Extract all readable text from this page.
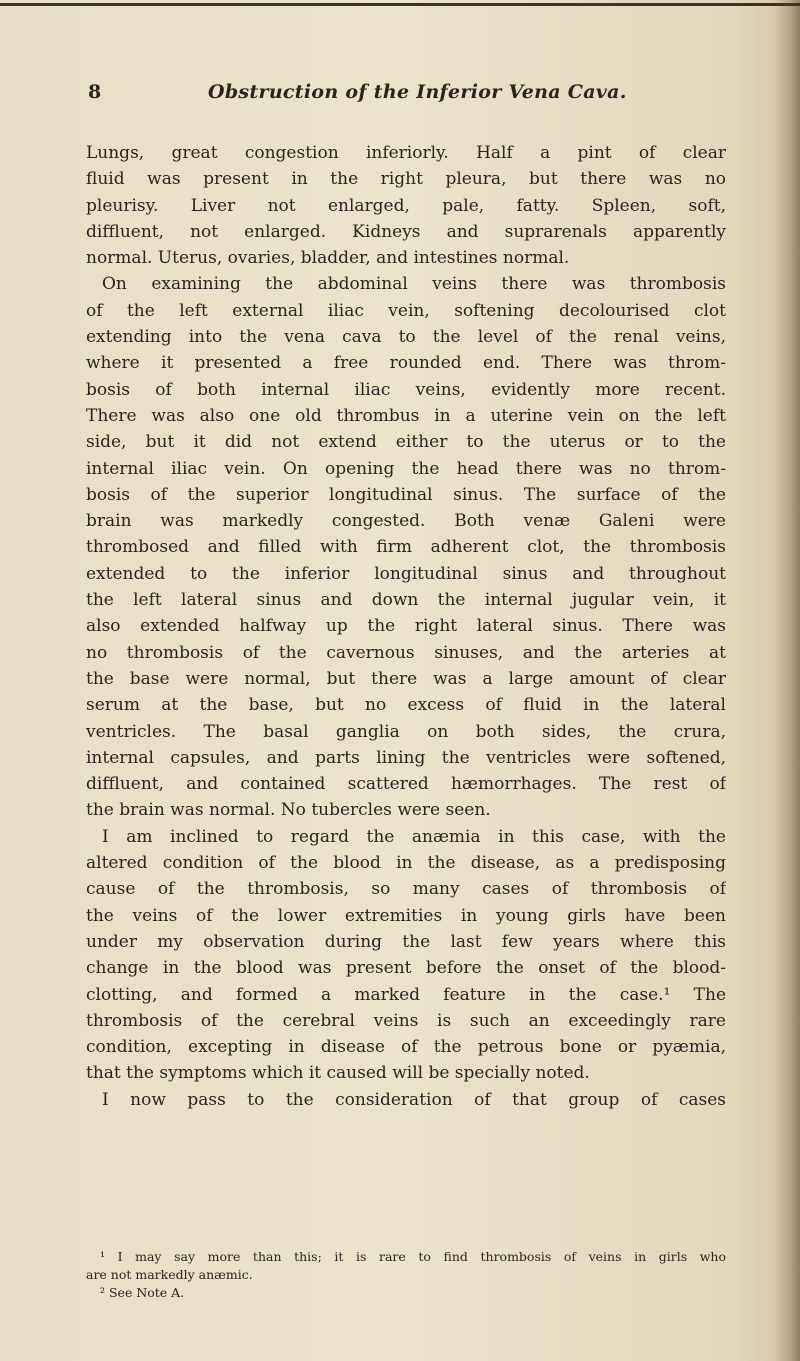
8	Obstruction of the Inferior Vena Cava.
Lungs, great congestion inferiorly. Half a pint of clear
fluid was present in the right pleura, but there was no
pleurisy. Liver not enlarged, pale, fatty. Spleen, soft,
diffluent, not enlarged. Kidneys and suprarenals apparently
normal. Uterus, ovaries, bladder, and intestines normal.
On examining the abdominal veins there was thrombosis
of the left external iliac vein, softening decolourised clot
extending into the vena cava to the level of the renal veins,
where it presented a free rounded end. There was throm-
bosis of both internal iliac veins, evidently more recent.
There was also one old thrombus in a uterine vein on the left
side, but it did not extend either to the uterus or to the
internal iliac vein. On opening the head there was no throm-
bosis of the superior longitudinal sinus. The surface of the
brain was markedly congested. Both venæ Galeni were
thrombosed and filled with firm adherent clot, the thrombosis
extended to the inferior longitudinal sinus and throughout
the left lateral sinus and down the internal jugular vein, it
also extended halfway up the right lateral sinus. There was
no thrombosis of the cavernous sinuses, and the arteries at
the base were normal, but there was a large amount of clear
serum at the base, but no excess of fluid in the lateral
ventricles. The basal ganglia on both sides, the crura,
internal capsules, and parts lining the ventricles were softened,
diffluent, and contained scattered hæmorrhages. The rest of
the brain was normal. No tubercles were seen.
I am inclined to regard the anæmia in this case, with the
altered condition of the blood in the disease, as a predisposing
cause of the thrombosis, so many cases of thrombosis of
the veins of the lower extremities in young girls have been
under my observation during the last few years where this
change in the blood was present before the onset of the blood-
clotting, and formed a marked feature in the case.¹ The
thrombosis of the cerebral veins is such an exceedingly rare
condition, excepting in disease of the petrous bone or pyæmia,
that the symptoms which it caused will be specially noted.
I now pass to the consideration of that group of cases
¹ I may say more than this; it is rare to find thrombosis of veins in girls who
are not markedly anæmic.
² See Note A.
